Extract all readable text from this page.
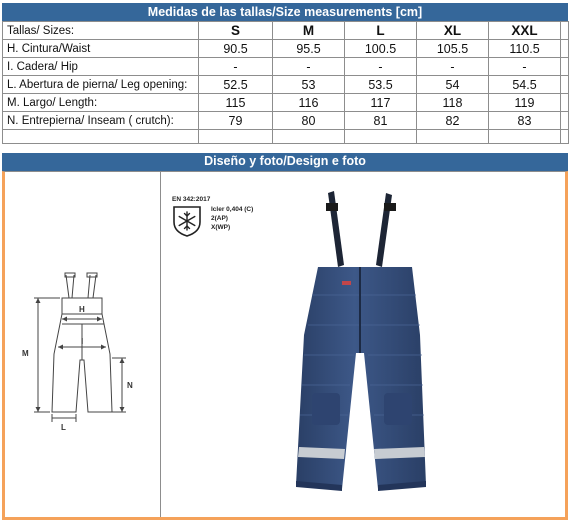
Medidas de las tallas/Size measurements [cm]
Tallas/ Sizes:	S	M	L	XL	XXL	
H. Cintura/Waist	90.5	95.5	100.5	105.5	110.5	
I. Cadera/ Hip	-	-	-	-	-	
L. Abertura de pierna/ Leg opening:	52.5	53	53.5	54	54.5	
M. Largo/ Length:	115	116	117	118	119	
N. Entrepierna/ Inseam ( crutch):	79	80	81	82	83	

Diseño y foto/Design e foto
EN 342:2017
Icler 0,404 (C)
2(AP)
X(WP)
H
I
M
N
L
